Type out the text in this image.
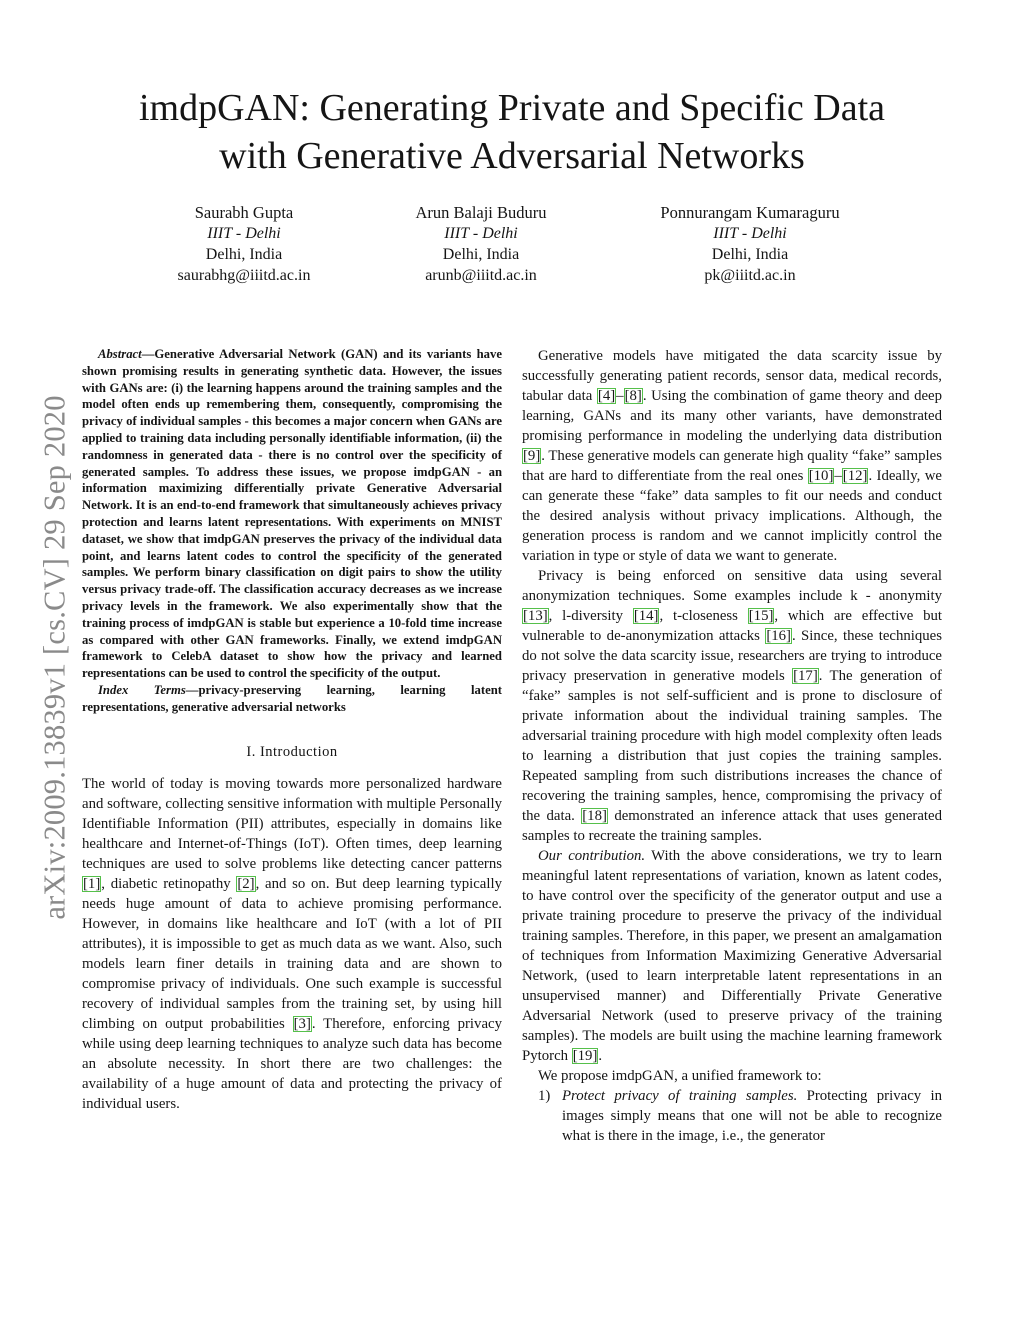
arXiv:2009.13839v1 [cs.CV] 29 Sep 2020
imdpGAN: Generating Private and Specific Data
with Generative Adversarial Networks
Saurabh Gupta
IIIT - Delhi
Delhi, India
saurabhg@iiitd.ac.in
Arun Balaji Buduru
IIIT - Delhi
Delhi, India
arunb@iiitd.ac.in
Ponnurangam Kumaraguru
IIIT - Delhi
Delhi, India
pk@iiitd.ac.in

Abstract—Generative Adversarial Network (GAN) and its variants have shown promising results in generating synthetic data. However, the issues with GANs are: (i) the learning happens around the training samples and the model often ends up remembering them, consequently, compromising the privacy of individual samples - this becomes a major concern when GANs are applied to training data including personally identifiable information, (ii) the randomness in generated data - there is no control over the specificity of generated samples. To address these issues, we propose imdpGAN - an information maximizing differentially private Generative Adversarial Network. It is an end-to-end framework that simultaneously achieves privacy protection and learns latent representations. With experiments on MNIST dataset, we show that imdpGAN preserves the privacy of the individual data point, and learns latent codes to control the specificity of the generated samples. We perform binary classification on digit pairs to show the utility versus privacy trade-off. The classification accuracy decreases as we increase privacy levels in the framework. We also experimentally show that the training process of imdpGAN is stable but experience a 10-fold time increase as compared with other GAN frameworks. Finally, we extend imdpGAN framework to CelebA dataset to show how the privacy and learned representations can be used to control the specificity of the output.

Index Terms—privacy-preserving learning, learning latent representations, generative adversarial networks

I. Introduction

The world of today is moving towards more personalized hardware and software, collecting sensitive information with multiple Personally Identifiable Information (PII) attributes, especially in domains like healthcare and Internet-of-Things (IoT). Often times, deep learning techniques are used to solve problems like detecting cancer patterns [1], diabetic retinopathy [2], and so on. But deep learning typically needs huge amount of data to achieve promising performance. However, in domains like healthcare and IoT (with a lot of PII attributes), it is impossible to get as much data as we want. Also, such models learn finer details in training data and are shown to compromise privacy of individuals. One such example is successful recovery of individual samples from the training set, by using hill climbing on output probabilities [3]. Therefore, enforcing privacy while using deep learning techniques to analyze such data has become an absolute necessity. In short there are two challenges: the availability of a huge amount of data and protecting the privacy of individual users.

Generative models have mitigated the data scarcity issue by successfully generating patient records, sensor data, medical records, tabular data [4]–[8]. Using the combination of game theory and deep learning, GANs and its many other variants, have demonstrated promising performance in modeling the underlying data distribution [9]. These generative models can generate high quality “fake” samples that are hard to differentiate from the real ones [10]–[12]. Ideally, we can generate these “fake” data samples to fit our needs and conduct the desired analysis without privacy implications. Although, the generation process is random and we cannot implicitly control the variation in type or style of data we want to generate.

Privacy is being enforced on sensitive data using several anonymization techniques. Some examples include k - anonymity [13], l-diversity [14], t-closeness [15], which are effective but vulnerable to de-anonymization attacks [16]. Since, these techniques do not solve the data scarcity issue, researchers are trying to introduce privacy preservation in generative models [17]. The generation of “fake” samples is not self-sufficient and is prone to disclosure of private information about the individual training samples. The adversarial training procedure with high model complexity often leads to learning a distribution that just copies the training samples. Repeated sampling from such distributions increases the chance of recovering the training samples, hence, compromising the privacy of the data. [18] demonstrated an inference attack that uses generated samples to recreate the training samples.

Our contribution. With the above considerations, we try to learn meaningful latent representations of variation, known as latent codes, to have control over the specificity of the generator output and use a private training procedure to preserve the privacy of the individual training samples. Therefore, in this paper, we present an amalgamation of techniques from Information Maximizing Generative Adversarial Network, (used to learn interpretable latent representations in an unsupervised manner) and Differentially Private Generative Adversarial Network (used to preserve privacy of the training samples). The models are built using the machine learning framework Pytorch [19].

We propose imdpGAN, a unified framework to:

1) Protect privacy of training samples. Protecting privacy in images simply means that one will not be able to recognize what is there in the image, i.e., the generator
